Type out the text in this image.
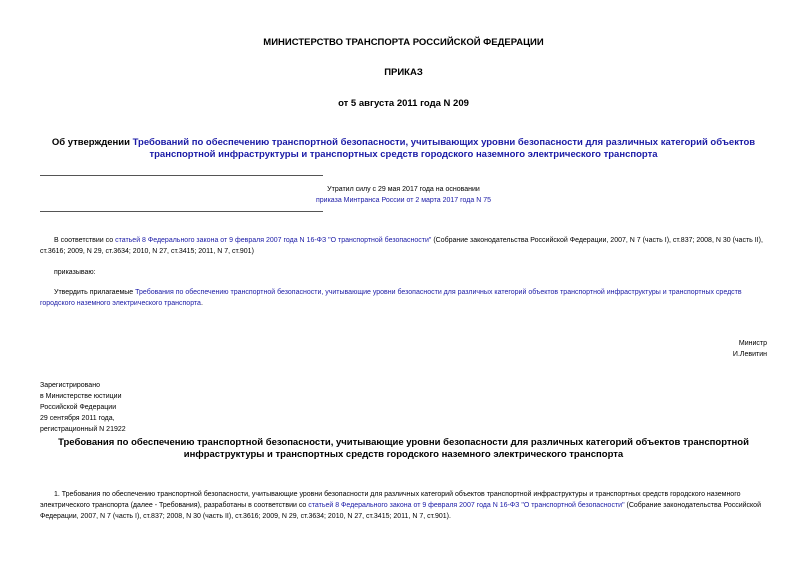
МИНИСТЕРСТВО ТРАНСПОРТА РОССИЙСКОЙ ФЕДЕРАЦИИ
ПРИКАЗ
от 5 августа 2011 года N 209
Об утверждении Требований по обеспечению транспортной безопасности, учитывающих уровни безопасности для различных категорий объектов транспортной инфраструктуры и транспортных средств городского наземного электрического транспорта
Утратил силу с 29 мая 2017 года на основании
приказа Минтранса России от 2 марта 2017 года N 75
В соответствии со статьей 8 Федерального закона от 9 февраля 2007 года N 16-ФЗ "О транспортной безопасности" (Собрание законодательства Российской Федерации, 2007, N 7 (часть I), ст.837; 2008, N 30 (часть II), ст.3616; 2009, N 29, ст.3634; 2010, N 27, ст.3415; 2011, N 7, ст.901)
приказываю:
Утвердить прилагаемые Требования по обеспечению транспортной безопасности, учитывающие уровни безопасности для различных категорий объектов транспортной инфраструктуры и транспортных средств городского наземного электрического транспорта.
Министр
И.Левитин
Зарегистрировано
в Министерстве юстиции
Российской Федерации
29 сентября 2011 года,
регистрационный N 21922
Требования по обеспечению транспортной безопасности, учитывающие уровни безопасности для различных категорий объектов транспортной инфраструктуры и транспортных средств городского наземного электрического транспорта
1. Требования по обеспечению транспортной безопасности, учитывающие уровни безопасности для различных категорий объектов транспортной инфраструктуры и транспортных средств городского наземного электрического транспорта (далее - Требования), разработаны в соответствии со статьей 8 Федерального закона от 9 февраля 2007 года N 16-ФЗ "О транспортной безопасности" (Собрание законодательства Российской Федерации, 2007, N 7 (часть I), ст.837; 2008, N 30 (часть II), ст.3616; 2009, N 29, ст.3634; 2010, N 27, ст.3415; 2011, N 7, ст.901).
